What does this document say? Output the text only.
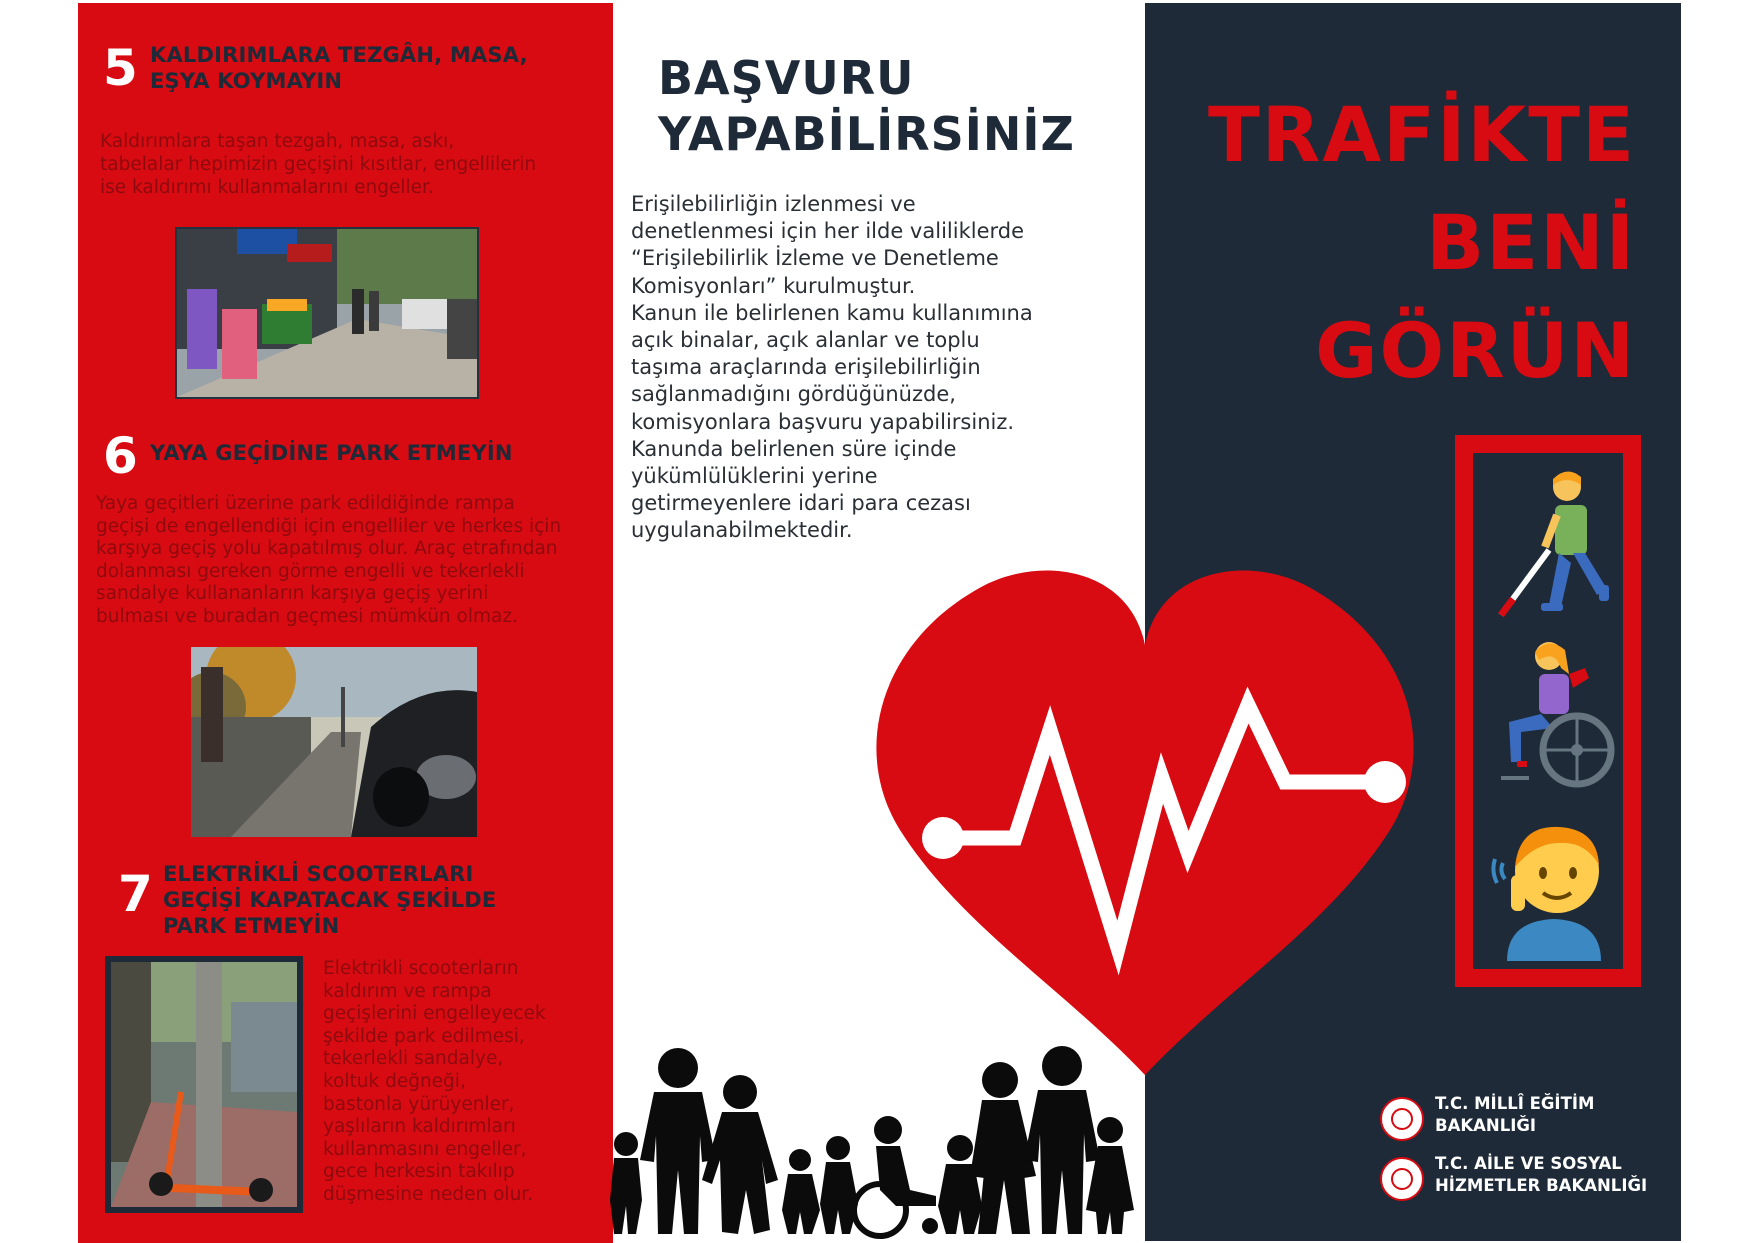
5 KALDIRIMLARA TEZGÂH, MASA,
EŞYA KOYMAYIN
Kaldırımlara taşan tezgah, masa, askı,
tabelalar hepimizin geçişini kısıtlar, engellilerin
ise kaldırımı kullanmalarını engeller.
6 YAYA GEÇİDİNE PARK ETMEYİN
Yaya geçitleri üzerine park edildiğinde rampa
geçişi de engellendiği için engelliler ve herkes için
karşıya geçiş yolu kapatılmış olur. Araç etrafından
dolanması gereken görme engelli ve tekerlekli
sandalye kullananların karşıya geçiş yerini
bulması ve buradan geçmesi mümkün olmaz.
7 ELEKTRİKLİ SCOOTERLARI
GEÇİŞİ KAPATACAK ŞEKİLDE
PARK ETMEYİN
Elektrikli scooterların
kaldırım ve rampa
geçişlerini engelleyecek
şekilde park edilmesi,
tekerlekli sandalye,
koltuk değneği,
bastonla yürüyenler,
yaşlıların kaldırımları
kullanmasını engeller,
gece herkesin takılıp
düşmesine neden olur.
TRAFİKTE
BENİ
GÖRÜN
T.C. MİLLÎ EĞİTİM
BAKANLIĞI
T.C. AİLE VE SOSYAL
HİZMETLER BAKANLIĞI
BAŞVURU
YAPABİLİRSİNİZ
Erişilebilirliğin izlenmesi ve
denetlenmesi için her ilde valiliklerde
“Erişilebilirlik İzleme ve Denetleme
Komisyonları” kurulmuştur.
Kanun ile belirlenen kamu kullanımına
açık binalar, açık alanlar ve toplu
taşıma araçlarında erişilebilirliğin
sağlanmadığını gördüğünüzde,
komisyonlara başvuru yapabilirsiniz.
Kanunda belirlenen süre içinde
yükümlülüklerini yerine
getirmeyenlere idari para cezası
uygulanabilmektedir.
